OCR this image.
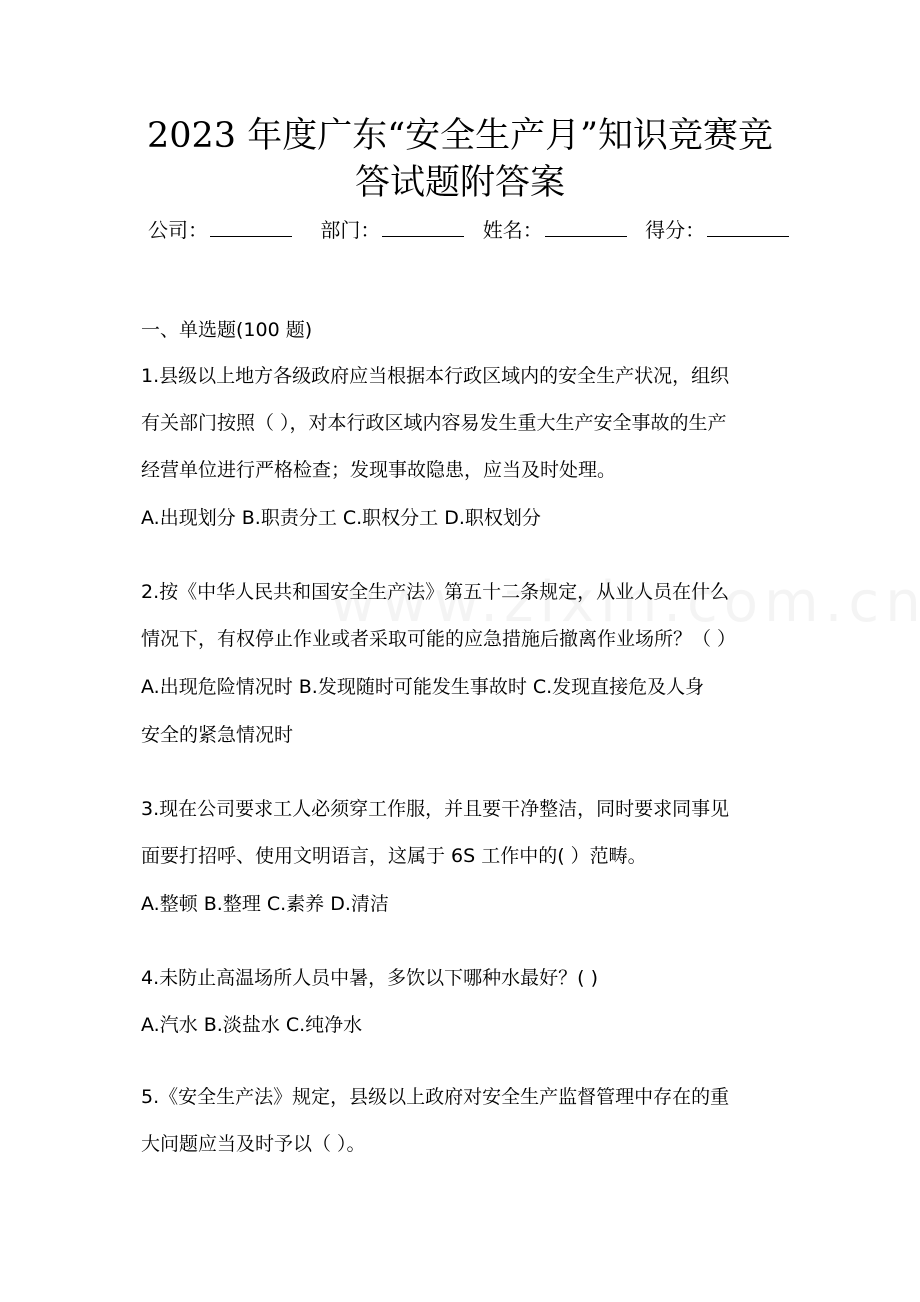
2023 年度广东“安全生产月”知识竞赛竞
答试题附答案
公司：	部门：	姓名：	得分：
一、单选题(100 题)
1.县级以上地方各级政府应当根据本行政区域内的安全生产状况，组织
有关部门按照（ ），对本行政区域内容易发生重大生产安全事故的生产
经营单位进行严格检查；发现事故隐患，应当及时处理。
A.出现划分 B.职责分工 C.职权分工 D.职权划分
2.按《中华人民共和国安全生产法》第五十二条规定，从业人员在什么
情况下，有权停止作业或者采取可能的应急措施后撤离作业场所？（ ）
A.出现危险情况时 B.发现随时可能发生事故时 C.发现直接危及人身
安全的紧急情况时
3.现在公司要求工人必须穿工作服，并且要干净整洁，同时要求同事见
面要打招呼、使用文明语言，这属于 6S 工作中的( ）范畴。
A.整顿 B.整理 C.素养 D.清洁
4.未防止高温场所人员中暑，多饮以下哪种水最好？( )
A.汽水 B.淡盐水 C.纯净水
5.《安全生产法》规定，县级以上政府对安全生产监督管理中存在的重
大问题应当及时予以（ ）。
